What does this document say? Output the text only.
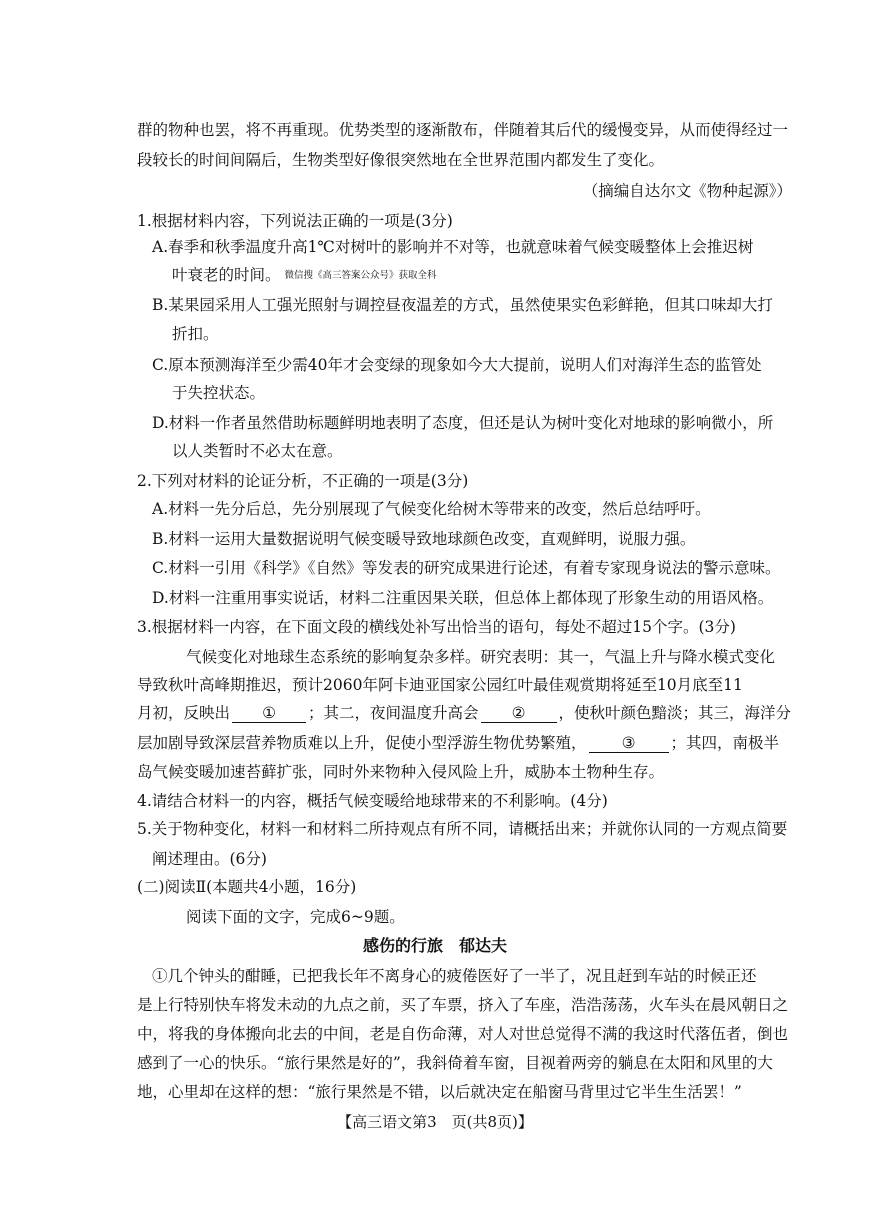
群的物种也罢，将不再重现。优势类型的逐渐散布，伴随着其后代的缓慢变异，从而使得经过一
段较长的时间间隔后，生物类型好像很突然地在全世界范围内都发生了变化。
（摘编自达尔文《物种起源》）
1.根据材料内容，下列说法正确的一项是(3分)
A.春季和秋季温度升高1℃对树叶的影响并不对等，也就意味着气候变暖整体上会推迟树
叶衰老的时间。 微信搜《高三答案公众号》获取全科
B.某果园采用人工强光照射与调控昼夜温差的方式，虽然使果实色彩鲜艳，但其口味却大打
折扣。
C.原本预测海洋至少需40年才会变绿的现象如今大大提前，说明人们对海洋生态的监管处
于失控状态。
D.材料一作者虽然借助标题鲜明地表明了态度，但还是认为树叶变化对地球的影响微小，所
以人类暂时不必太在意。
2.下列对材料的论证分析，不正确的一项是(3分)
A.材料一先分后总，先分别展现了气候变化给树木等带来的改变，然后总结呼吁。
B.材料一运用大量数据说明气候变暖导致地球颜色改变，直观鲜明，说服力强。
C.材料一引用《科学》《自然》等发表的研究成果进行论述，有着专家现身说法的警示意味。
D.材料一注重用事实说话，材料二注重因果关联，但总体上都体现了形象生动的用语风格。
3.根据材料一内容，在下面文段的横线处补写出恰当的语句，每处不超过15个字。(3分)
气候变化对地球生态系统的影响复杂多样。研究表明：其一，气温上升与降水模式变化
导致秋叶高峰期推迟，预计2060年阿卡迪亚国家公园红叶最佳观赏期将延至10月底至11
月初，反映出 ① ；其二，夜间温度升高会 ② ，使秋叶颜色黯淡；其三，海洋分
层加剧导致深层营养物质难以上升，促使小型浮游生物优势繁殖， ③ ；其四，南极半
岛气候变暖加速苔藓扩张，同时外来物种入侵风险上升，威胁本土物种生存。
4.请结合材料一的内容，概括气候变暖给地球带来的不利影响。(4分)
5.关于物种变化，材料一和材料二所持观点有所不同，请概括出来；并就你认同的一方观点简要
阐述理由。(6分)
(二)阅读Ⅱ(本题共4小题，16分)
阅读下面的文字，完成6~9题。
感伤的行旅　郁达夫
①几个钟头的酣睡，已把我长年不离身心的疲倦医好了一半了，况且赶到车站的时候正还
是上行特别快车将发未动的九点之前，买了车票，挤入了车座，浩浩荡荡，火车头在晨风朝日之
中，将我的身体搬向北去的中间，老是自伤命薄，对人对世总觉得不满的我这时代落伍者，倒也
感到了一心的快乐。“旅行果然是好的”，我斜倚着车窗，目视着两旁的躺息在太阳和风里的大
地，心里却在这样的想：“旅行果然是不错，以后就决定在船窗马背里过它半生生活罢！”
【高三语文第3　页(共8页)】
